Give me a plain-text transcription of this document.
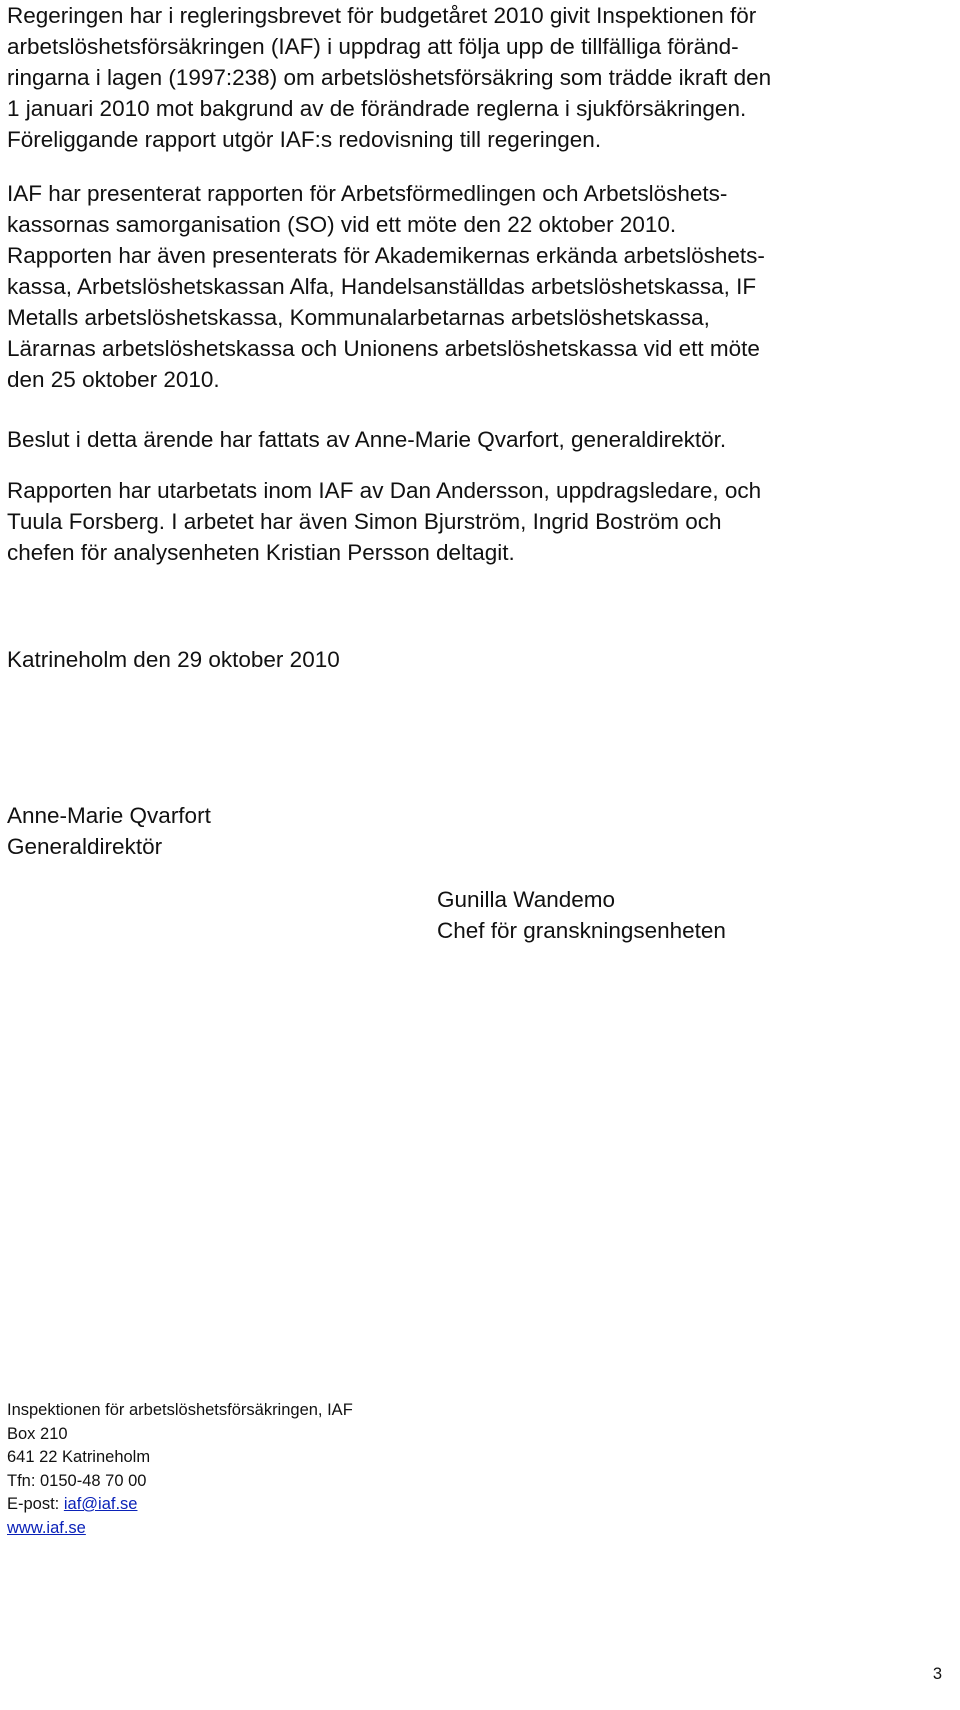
Regeringen har i regleringsbrevet för budgetåret 2010 givit Inspektionen för
arbetslöshetsförsäkringen (IAF) i uppdrag att följa upp de tillfälliga föränd-
ringarna i lagen (1997:238) om arbetslöshetsförsäkring som trädde ikraft den
1 januari 2010 mot bakgrund av de förändrade reglerna i sjukförsäkringen.
Föreliggande rapport utgör IAF:s redovisning till regeringen.

IAF har presenterat rapporten för Arbetsförmedlingen och Arbetslöshets-
kassornas samorganisation (SO) vid ett möte den 22 oktober 2010.

Rapporten har även presenterats för Akademikernas erkända arbetslöshets-
kassa, Arbetslöshetskassan Alfa, Handelsanställdas arbetslöshetskassa, IF
Metalls arbetslöshetskassa, Kommunalarbetarnas arbetslöshetskassa,
Lärarnas arbetslöshetskassa och Unionens arbetslöshetskassa vid ett möte
den 25 oktober 2010.

Beslut i detta ärende har fattats av Anne-Marie Qvarfort, generaldirektör.

Rapporten har utarbetats inom IAF av Dan Andersson, uppdragsledare, och
Tuula Forsberg. I arbetet har även Simon Bjurström, Ingrid Boström och
chefen för analysenheten Kristian Persson deltagit.

Katrineholm den 29 oktober 2010
Anne-Marie Qvarfort
Generaldirektör
Gunilla Wandemo
Chef för granskningsenheten
Inspektionen för arbetslöshetsförsäkringen, IAF
Box 210
641 22 Katrineholm
Tfn: 0150-48 70 00
E-post: iaf@iaf.se
www.iaf.se
3
